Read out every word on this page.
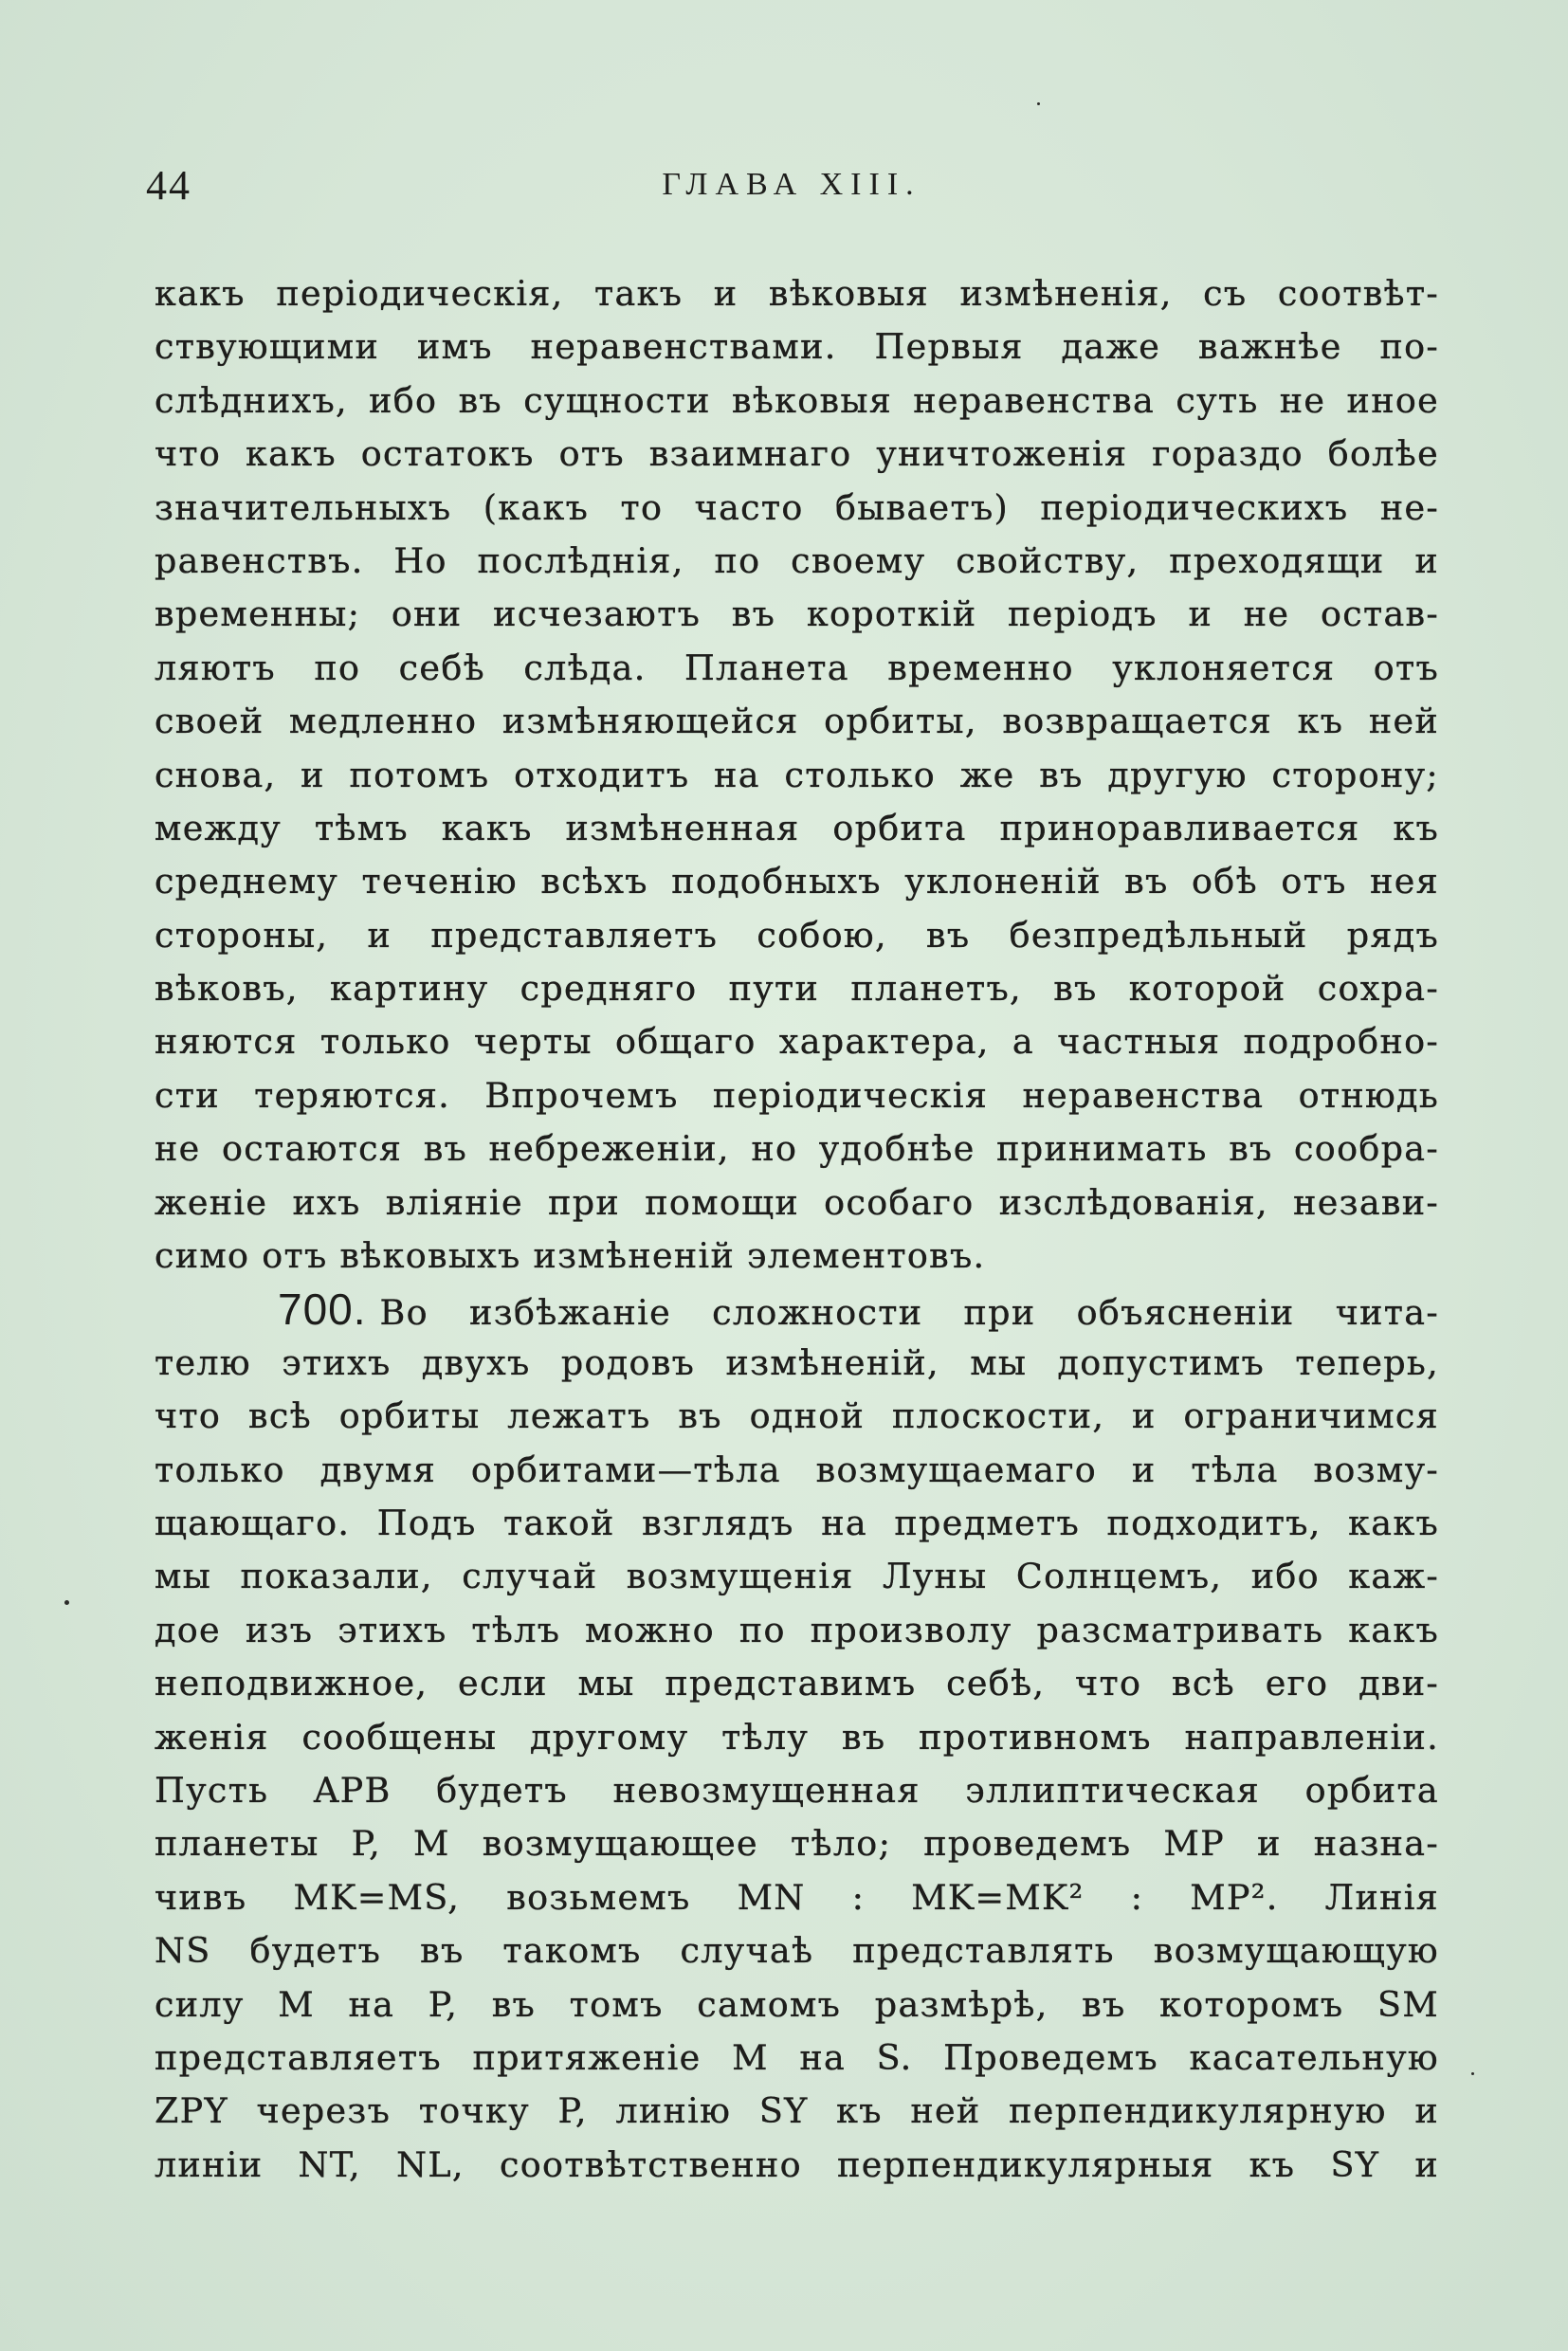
44	ГЛАВА XIII.
какъ періодическія, такъ и вѣковыя измѣненія, съ соотвѣт-
ствующими имъ неравенствами. Первыя даже важнѣе по-
слѣднихъ, ибо въ сущности вѣковыя неравенства суть не иное
что какъ остатокъ отъ взаимнаго уничтоженія гораздо болѣе
значительныхъ (какъ то часто бываетъ) періодическихъ не-
равенствъ. Но послѣднія, по своему свойству, преходящи и
временны; они исчезаютъ въ короткій періодъ и не остав-
ляютъ по себѣ слѣда. Планета временно уклоняется отъ
своей медленно измѣняющейся орбиты, возвращается къ ней
снова, и потомъ отходитъ на столько же въ другую сторону;
между тѣмъ какъ измѣненная орбита приноравливается къ
среднему теченію всѣхъ подобныхъ уклоненій въ обѣ отъ нея
стороны, и представляетъ собою, въ безпредѣльный рядъ
вѣковъ, картину средняго пути планетъ, въ которой сохра-
няются только черты общаго характера, а частныя подробно-
сти теряются. Впрочемъ періодическія неравенства отнюдь
не остаются въ небреженіи, но удобнѣе принимать въ сообра-
женіе ихъ вліяніе при помощи особаго изслѣдованія, незави-
симо отъ вѣковыхъ измѣненій элементовъ.
700. Во избѣжаніе сложности при объясненіи чита-
телю этихъ двухъ родовъ измѣненій, мы допустимъ теперь,
что всѣ орбиты лежатъ въ одной плоскости, и ограничимся
только двумя орбитами—тѣла возмущаемаго и тѣла возму-
щающаго. Подъ такой взглядъ на предметъ подходитъ, какъ
мы показали, случай возмущенія Луны Солнцемъ, ибо каж-
дое изъ этихъ тѣлъ можно по произволу разсматривать какъ
неподвижное, если мы представимъ себѣ, что всѣ его дви-
женія сообщены другому тѣлу въ противномъ направленіи.
Пусть APB будетъ невозмущенная эллиптическая орбита
планеты P, M возмущающее тѣло; проведемъ MP и назна-
чивъ MK=MS, возьмемъ MN : MK=MK² : MP². Линія
NS будетъ въ такомъ случаѣ представлять возмущающую
силу M на P, въ томъ самомъ размѣрѣ, въ которомъ SM
представляетъ притяженіе M на S. Проведемъ касательную
ZPY черезъ точку P, линію SY къ ней перпендикулярную и
линіи NT, NL, соотвѣтственно перпендикулярныя къ SY и
